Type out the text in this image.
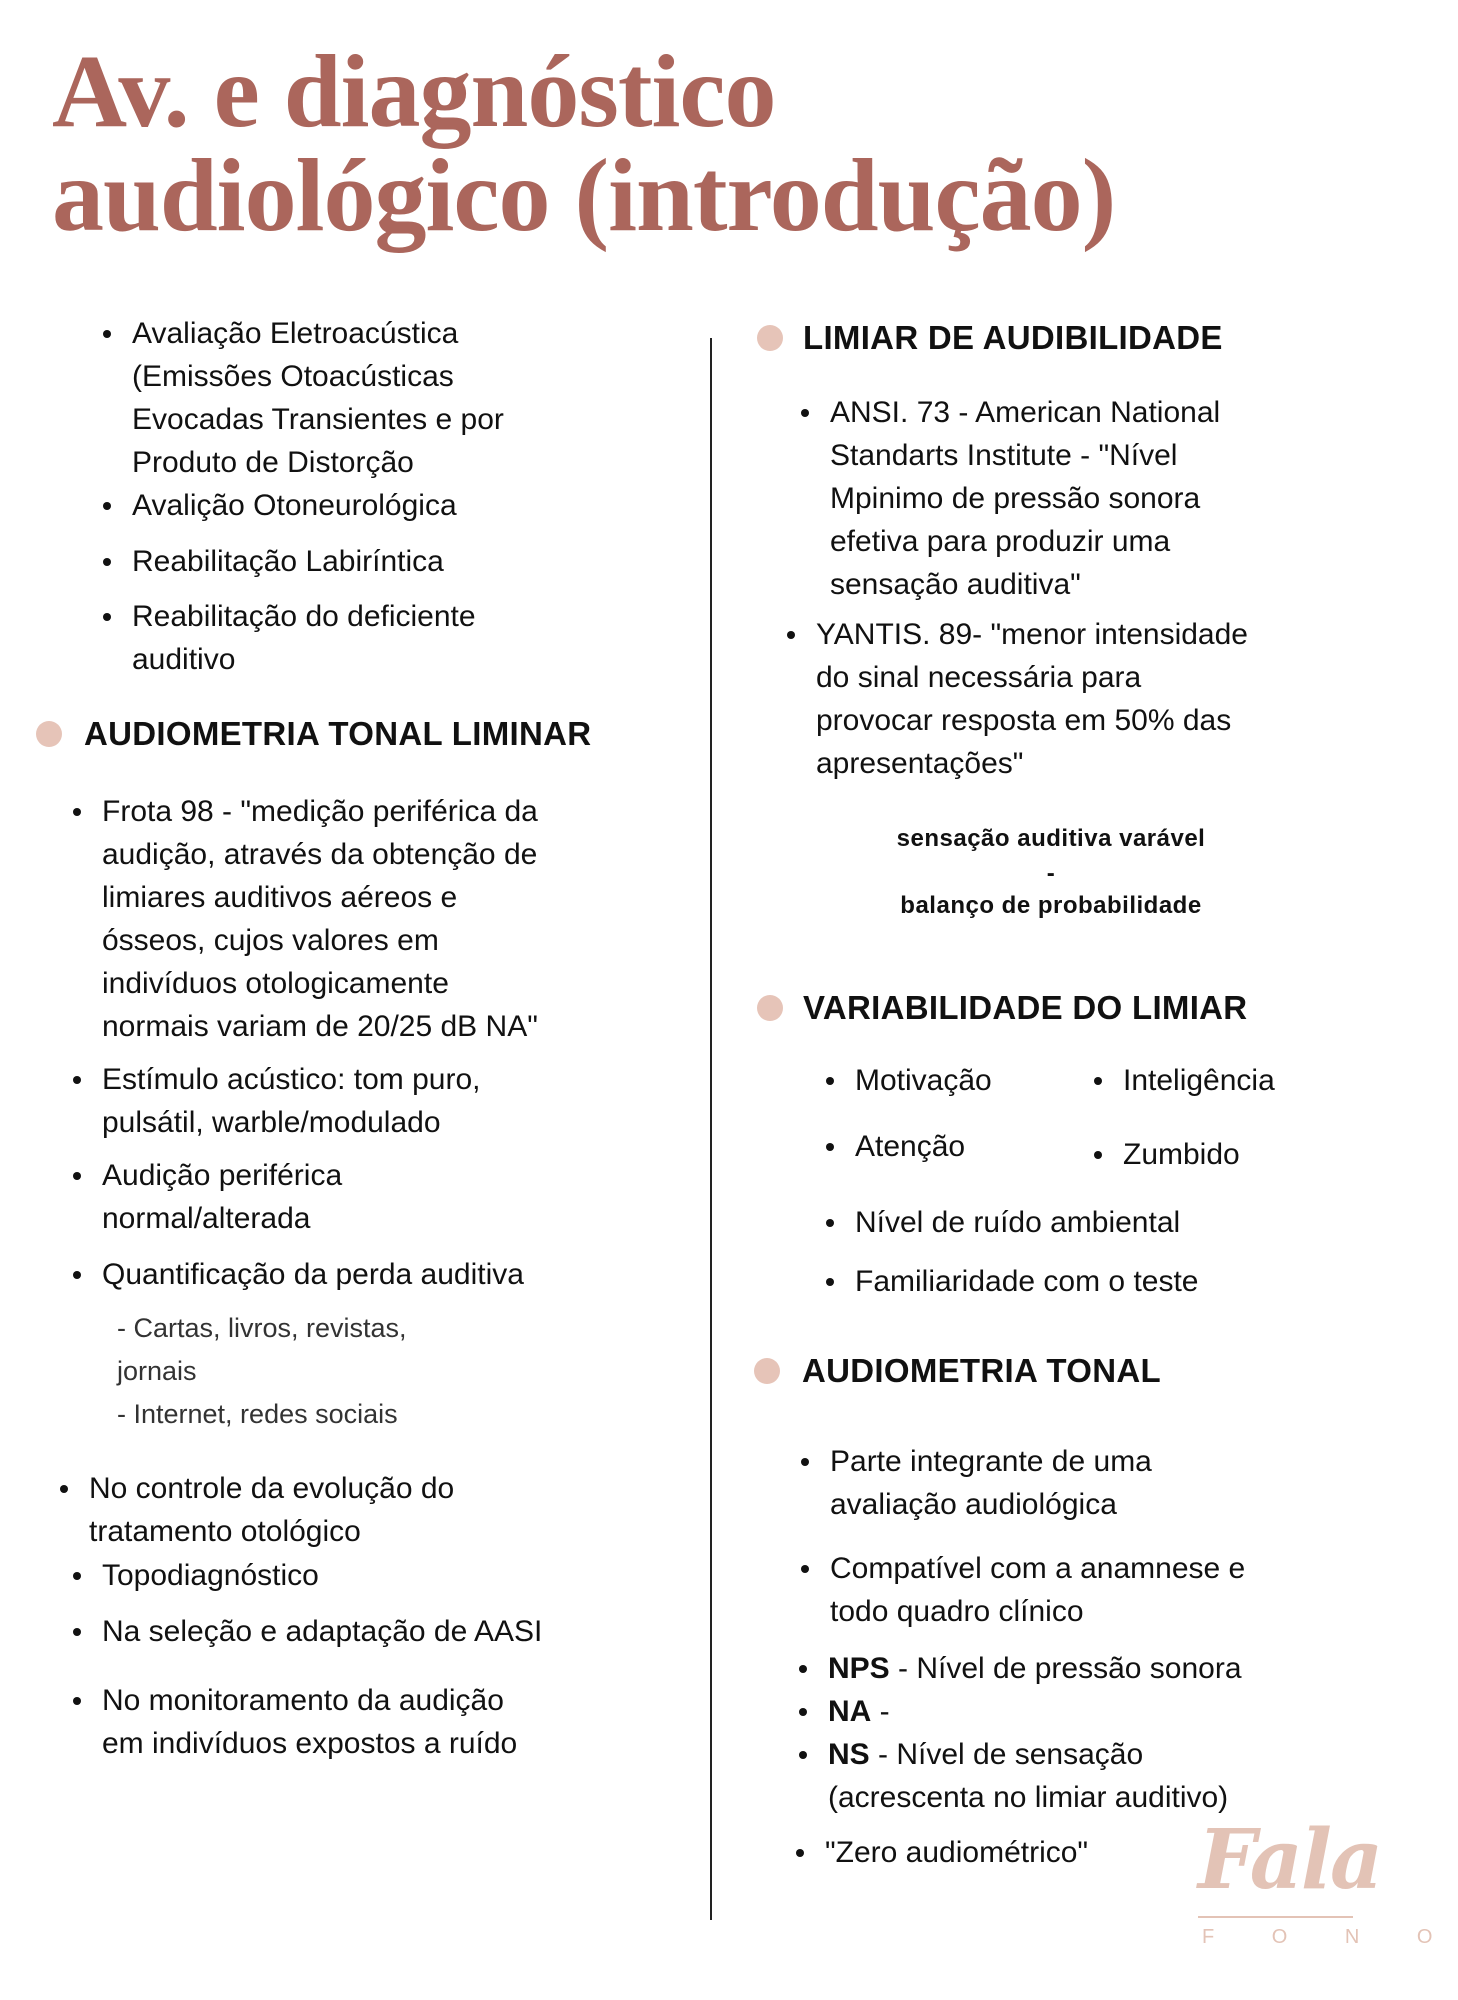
Av. e diagnóstico
audiológico (introdução)
Avaliação Eletroacústica
(Emissões Otoacústicas
Evocadas Transientes e por
Produto de Distorção
Avalição Otoneurológica
Reabilitação Labiríntica
Reabilitação do deficiente
auditivo
AUDIOMETRIA TONAL LIMINAR
Frota 98 - "medição periférica da
audição, através da obtenção de
limiares auditivos aéreos e
ósseos, cujos valores em
indivíduos otologicamente
normais variam de 20/25 dB NA"
Estímulo acústico: tom puro,
pulsátil, warble/modulado
Audição periférica
normal/alterada
Quantificação da perda auditiva
- Cartas, livros, revistas,
jornais
- Internet, redes sociais
No controle da evolução do
tratamento otológico
Topodiagnóstico
Na seleção e adaptação de AASI
No monitoramento da audição
em indivíduos expostos a ruído
LIMIAR DE AUDIBILIDADE
ANSI. 73 - American National
Standarts Institute - "Nível
Mpinimo de pressão sonora
efetiva para produzir uma
sensação auditiva"
YANTIS. 89- "menor intensidade
do sinal necessária para
provocar resposta em 50% das
apresentações"
sensação auditiva varável
-
balanço de probabilidade
VARIABILIDADE DO LIMIAR
Motivação	Inteligência
Atenção	Zumbido
Nível de ruído ambiental
Familiaridade com o teste
AUDIOMETRIA TONAL
Parte integrante de uma
avaliação audiológica
Compatível com a anamnese e
todo quadro clínico
NPS - Nível de pressão sonora
NA -
NS - Nível de sensação
(acrescenta no limiar auditivo)
"Zero audiométrico" Fala
F O N O
